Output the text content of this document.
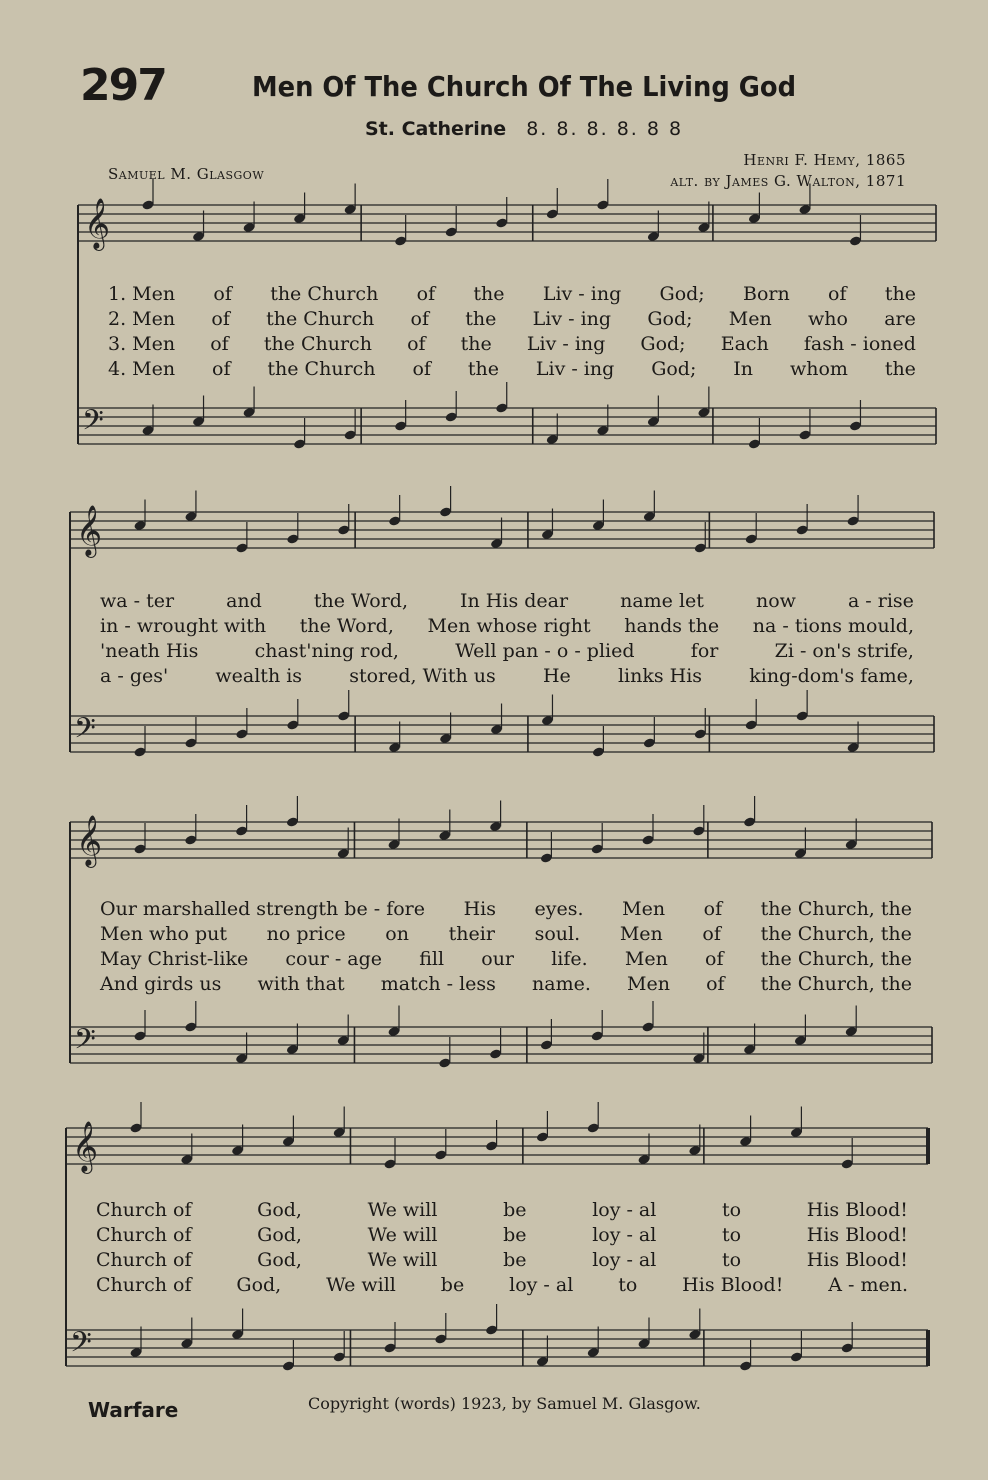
297	Men Of The Church Of The Living God
St. Catherine 8. 8. 8. 8. 8 8
Samuel M. Glasgow
Henri F. Hemy, 1865
alt. by James G. Walton, 1871
𝄞
𝄢
𝄞
𝄢
𝄞
𝄢
𝄞
𝄢
1. Men of the Church of the Liv - ing God; Born of the
2. Men of the Church of the Liv - ing God; Men who are
3. Men of the Church of the Liv - ing God; Each fash - ioned
4. Men of the Church of the Liv - ing God; In whom the
wa - ter	and	the Word,	In His dear	name let	now	a - rise
in - wrought with the Word, Men whose right hands the na - tions mould,
'neath His	chast'ning rod,	Well pan - o - plied	for	Zi - on's strife,
a - ges' wealth is stored, With us He links His king-dom's fame,
Our marshalled strength be - fore His eyes. Men of the Church, the
Men who put no price on their soul. Men of the Church, the
May Christ-like cour - age fill our life. Men of the Church, the
And girds us with that match - less name. Men of the Church, the
Church of	God,	We will	be	loy - al	to	His Blood!
Church of	God,	We will	be	loy - al	to	His Blood!
Church of	God,	We will	be	loy - al	to	His Blood!
Church of God, We will be loy - al to His Blood! A - men.
Warfare	Copyright (words) 1923, by Samuel M. Glasgow.
